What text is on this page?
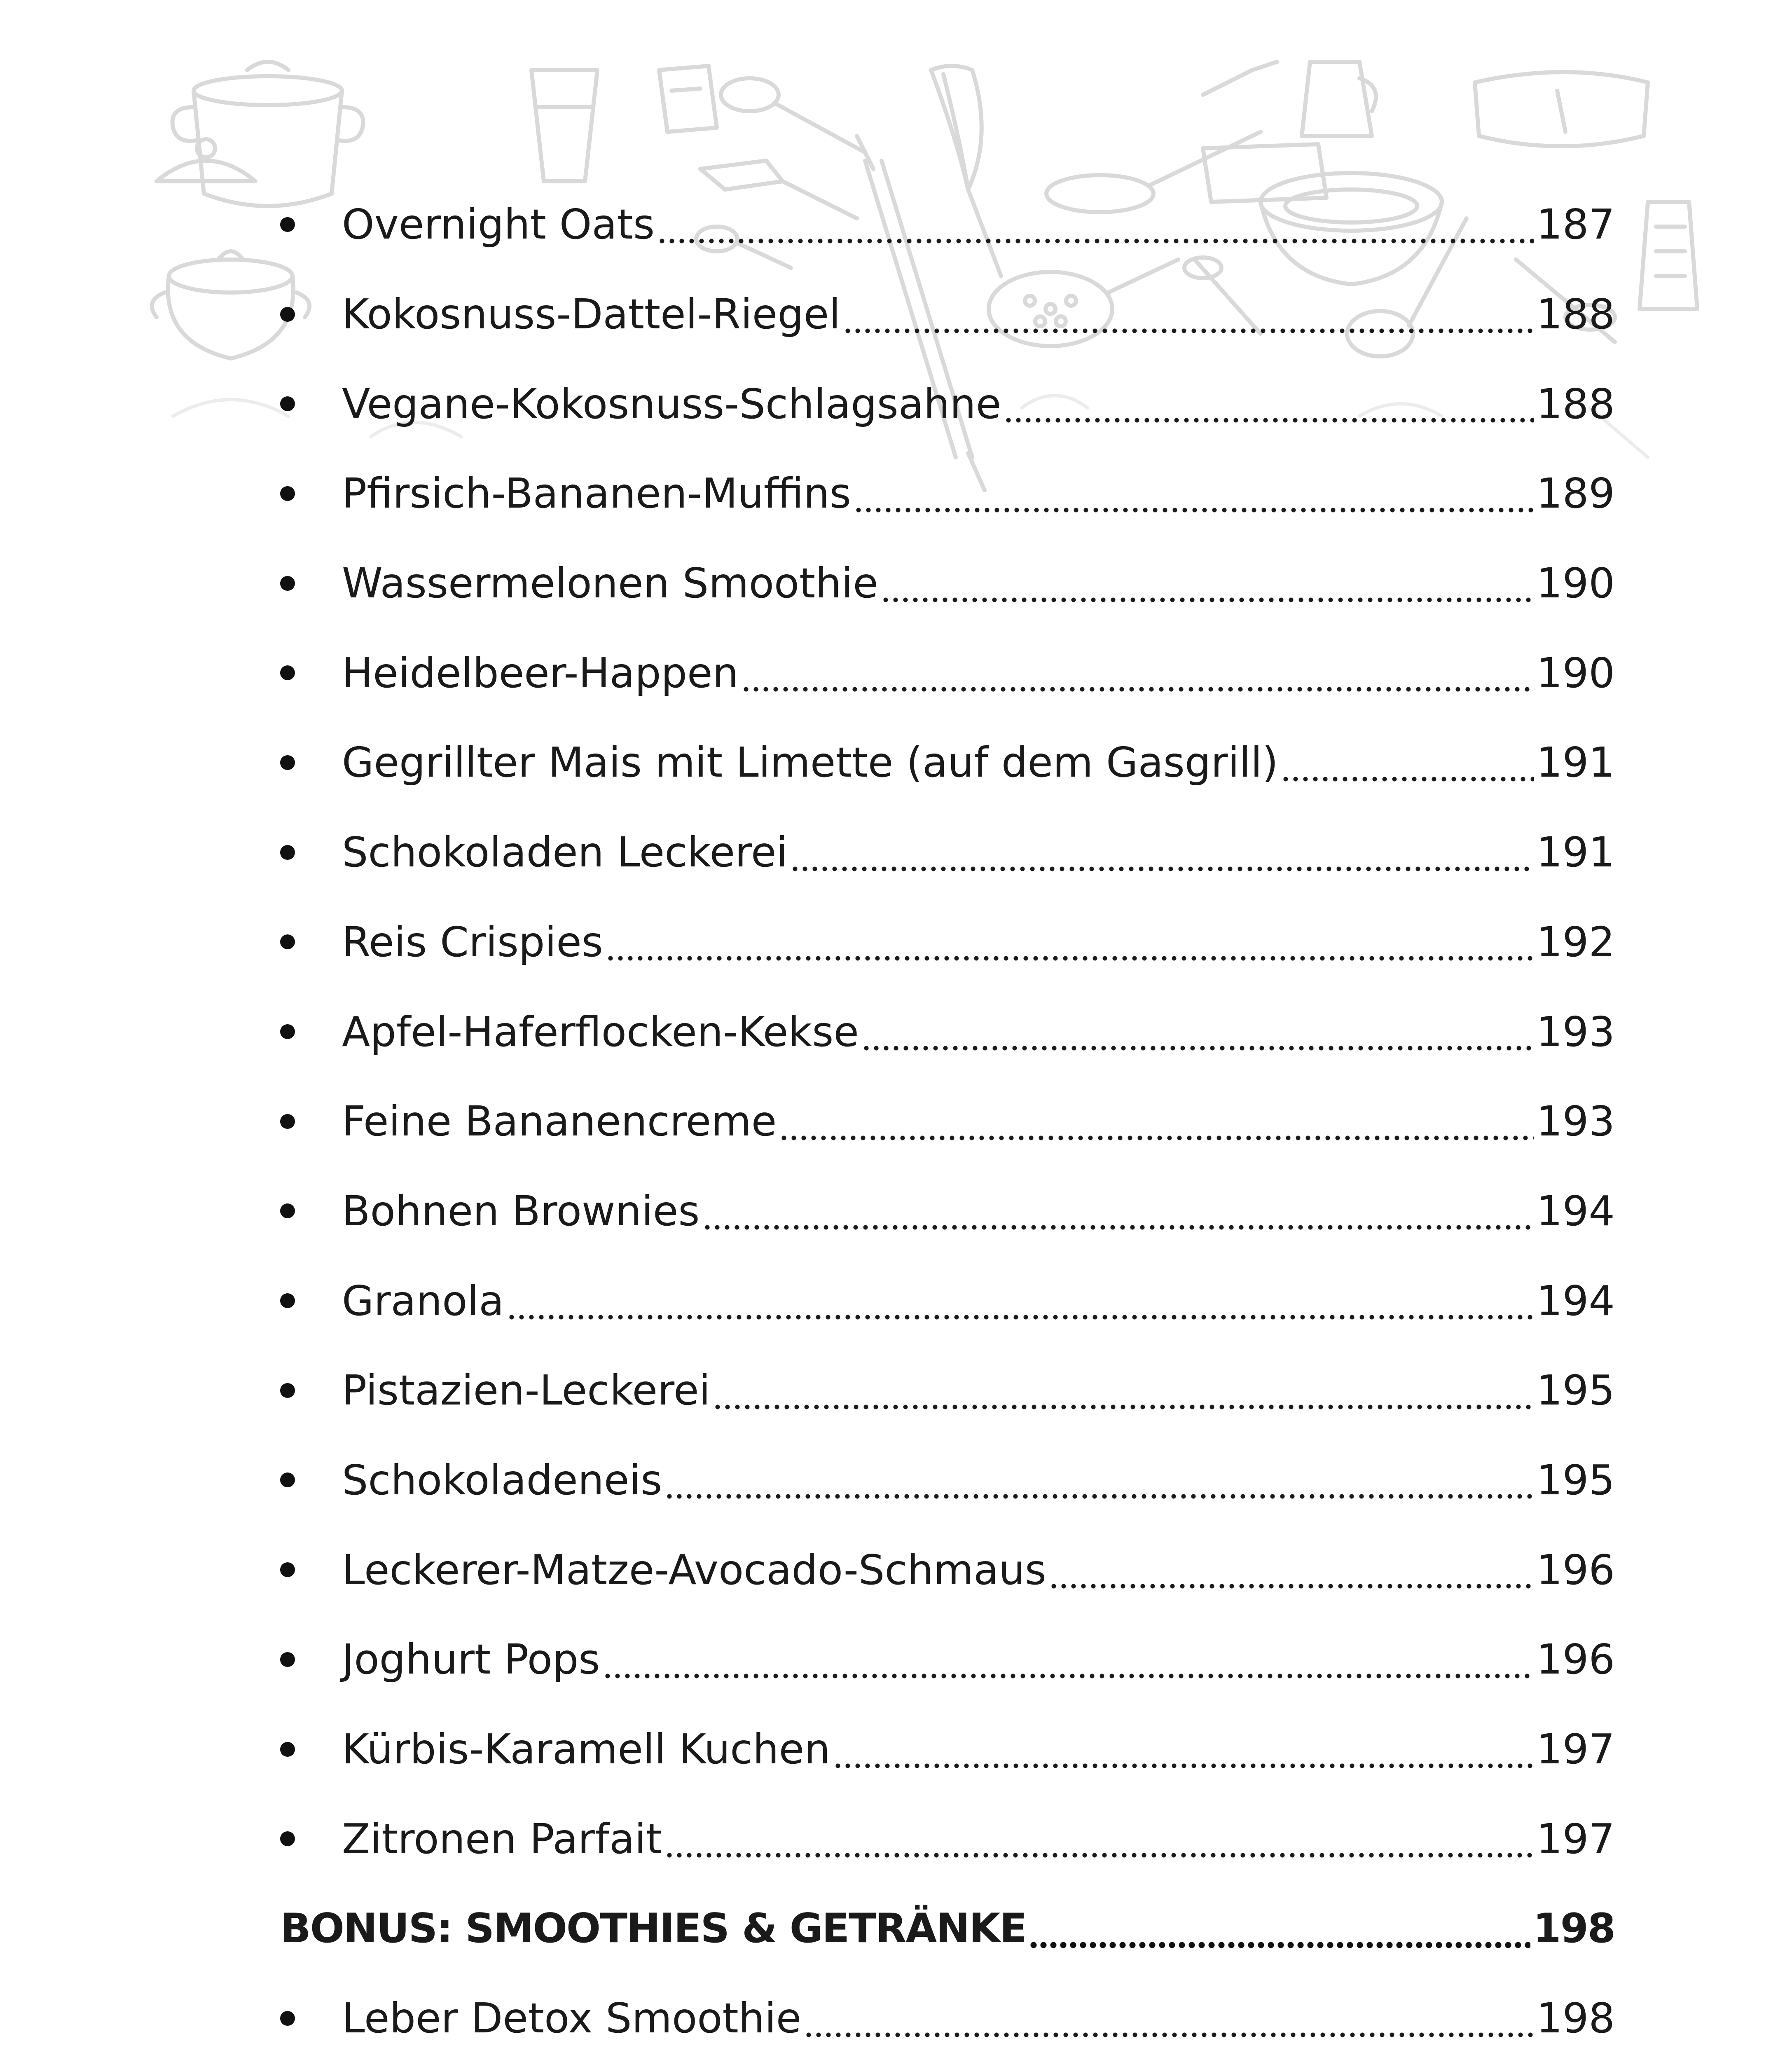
Overnight Oats	187
Kokosnuss-Dattel-Riegel	188
Vegane-Kokosnuss-Schlagsahne	188
Pfirsich-Bananen-Muffins	189
Wassermelonen Smoothie	190
Heidelbeer-Happen	190
Gegrillter Mais mit Limette (auf dem Gasgrill)	191
Schokoladen Leckerei	191
Reis Crispies	192
Apfel-Haferflocken-Kekse	193
Feine Bananencreme	193
Bohnen Brownies	194
Granola	194
Pistazien-Leckerei	195
Schokoladeneis	195
Leckerer-Matze-Avocado-Schmaus	196
Joghurt Pops	196
Kürbis-Karamell Kuchen	197
Zitronen Parfait	197
BONUS: SMOOTHIES & GETRÄNKE	198
Leber Detox Smoothie	198
